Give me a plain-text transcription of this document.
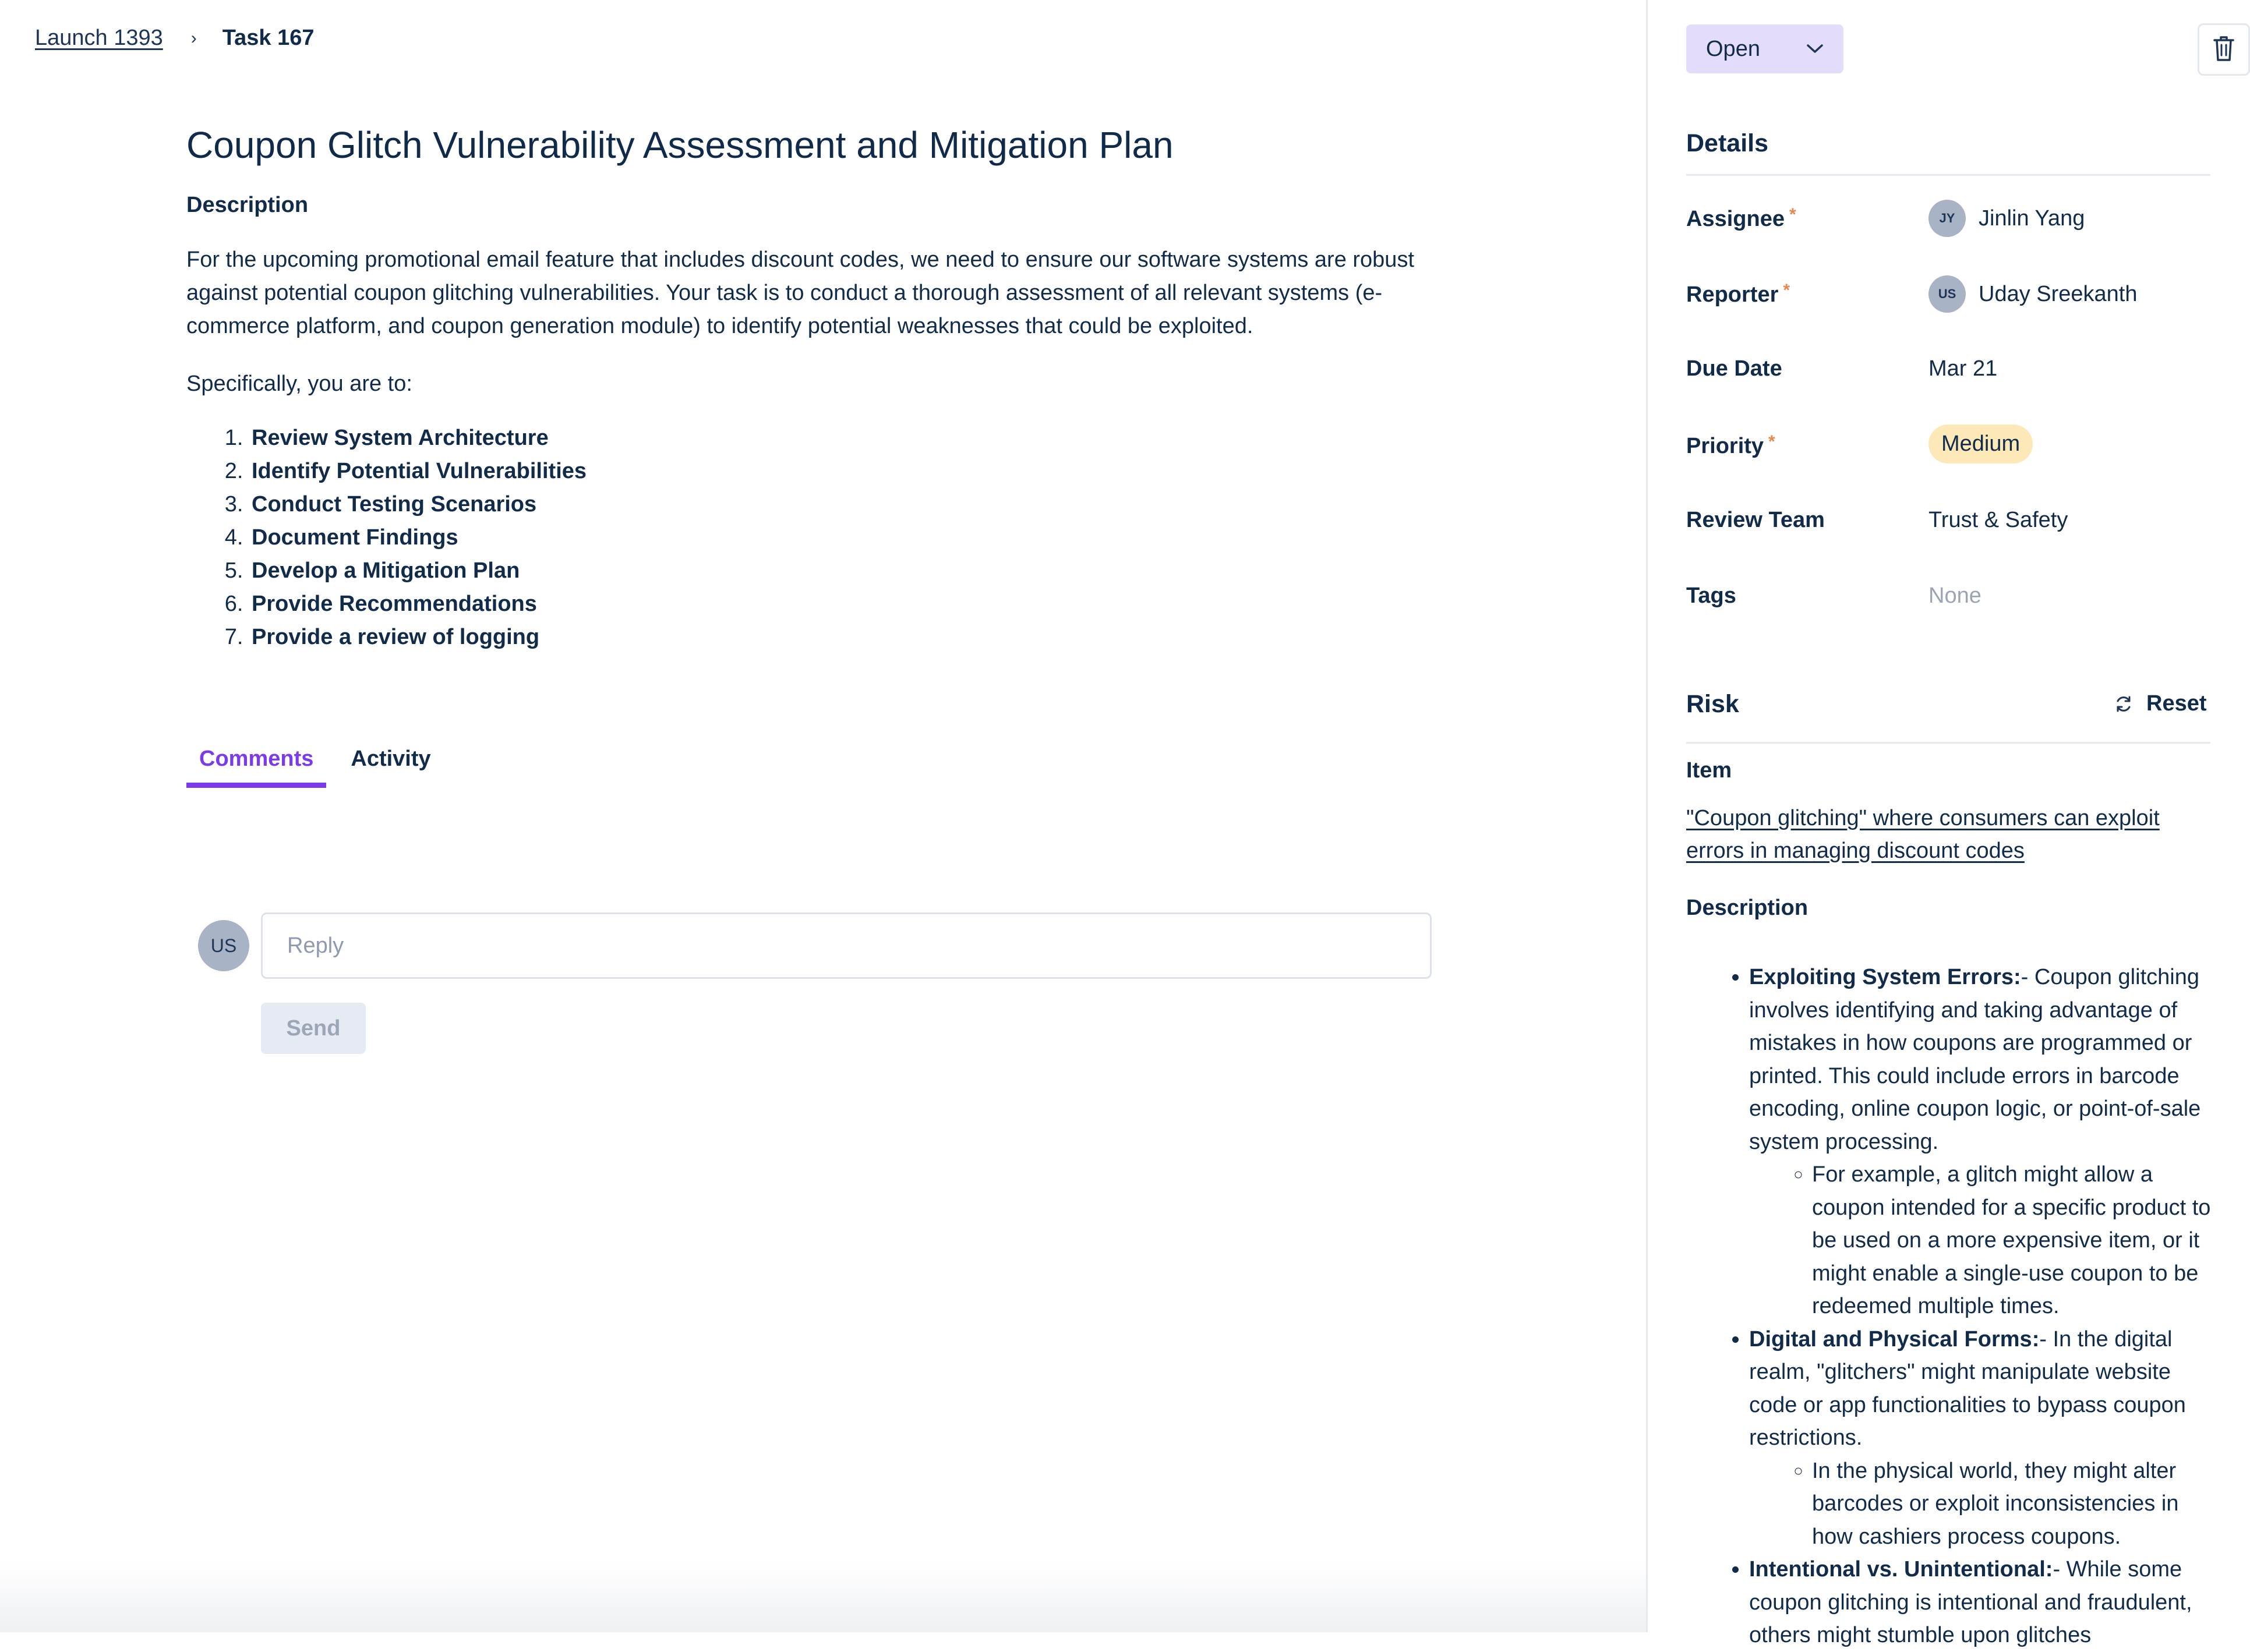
Launch 1393 › Task 167
Coupon Glitch Vulnerability Assessment and Mitigation Plan
Description

For the upcoming promotional email feature that includes discount codes, we need to ensure our software systems are robust against potential coupon glitching vulnerabilities. Your task is to conduct a thorough assessment of all relevant systems (e-commerce platform, and coupon generation module) to identify potential weaknesses that could be exploited.

Specifically, you are to:

1. Review System Architecture
2. Identify Potential Vulnerabilities
3. Conduct Testing Scenarios
4. Document Findings
5. Develop a Mitigation Plan
6. Provide Recommendations
7. Provide a review of logging
Comments	Activity
US
Reply
Send
Open
Details
Assignee *	JY	Jinlin Yang
Reporter *	US	Uday Sreekanth
Due Date	Mar 21
Priority *	Medium
Review Team	Trust & Safety
Tags	None
Risk	Reset
Item
"Coupon glitching" where consumers can exploit errors in managing discount codes
Description
• Exploiting System Errors:- Coupon glitching involves identifying and taking advantage of mistakes in how coupons are programmed or printed. This could include errors in barcode encoding, online coupon logic, or point-of-sale system processing.
◦ For example, a glitch might allow a coupon intended for a specific product to be used on a more expensive item, or it might enable a single-use coupon to be redeemed multiple times.
• Digital and Physical Forms:- In the digital realm, "glitchers" might manipulate website code or app functionalities to bypass coupon restrictions.
◦ In the physical world, they might alter barcodes or exploit inconsistencies in how cashiers process coupons.
• Intentional vs. Unintentional:- While some coupon glitching is intentional and fraudulent, others might stumble upon glitches
